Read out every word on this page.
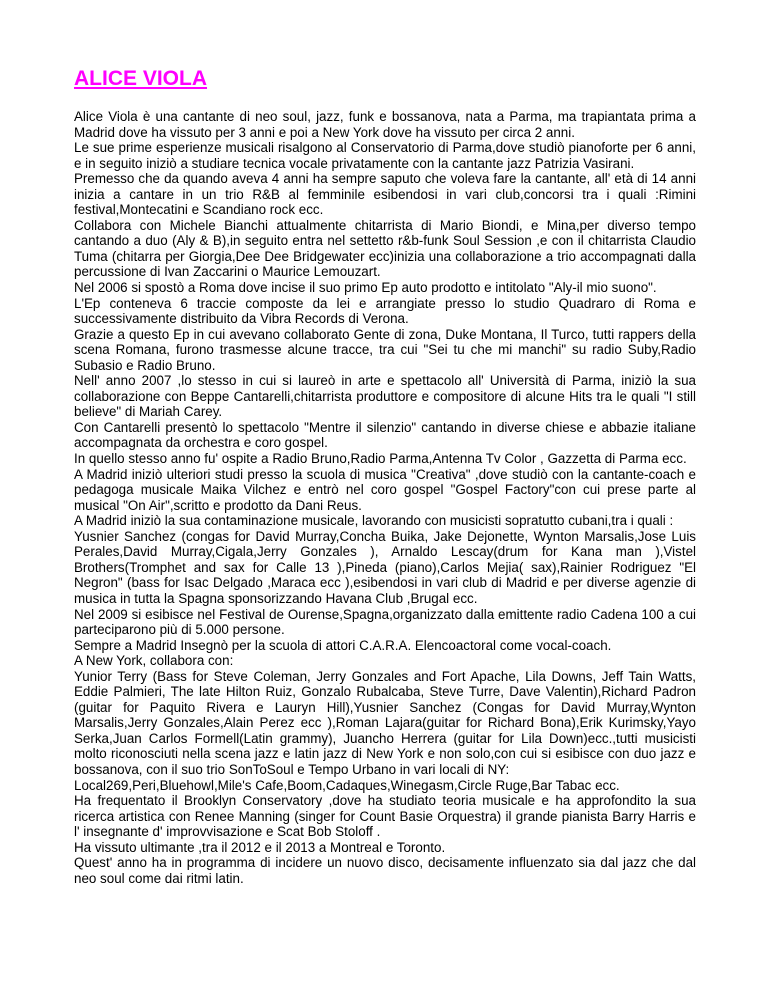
ALICE VIOLA

Alice Viola è una cantante di neo soul, jazz, funk e bossanova, nata a Parma, ma trapiantata prima a Madrid dove ha vissuto per 3 anni e poi a New York dove ha vissuto per circa 2 anni.

Le sue prime esperienze musicali risalgono al Conservatorio di Parma,dove studiò pianoforte per 6 anni, e in seguito iniziò a studiare tecnica vocale privatamente con la cantante jazz Patrizia Vasirani.

Premesso che da quando aveva 4 anni ha sempre saputo che voleva fare la cantante, all' età di 14 anni inizia a cantare in un trio R&B al femminile esibendosi in vari club,concorsi tra i quali :Rimini festival,Montecatini e Scandiano rock ecc.

Collabora con Michele Bianchi attualmente chitarrista di Mario Biondi, e Mina,per diverso tempo cantando a duo (Aly & B),in seguito entra nel settetto r&b-funk Soul Session ,e con il chitarrista Claudio Tuma (chitarra per Giorgia,Dee Dee Bridgewater ecc)inizia una collaborazione a trio accompagnati dalla percussione di Ivan Zaccarini o Maurice Lemouzart.

Nel 2006 si spostò a Roma dove incise il suo primo Ep auto prodotto e intitolato "Aly-il mio suono".

L'Ep conteneva 6 traccie composte da lei e arrangiate presso lo studio Quadraro di Roma e successivamente distribuito da Vibra Records di Verona.

Grazie a questo Ep in cui avevano collaborato Gente di zona, Duke Montana, Il Turco, tutti rappers della scena Romana, furono trasmesse alcune tracce, tra cui "Sei tu che mi manchi" su radio Suby,Radio Subasio e Radio Bruno.

Nell' anno 2007 ,lo stesso in cui si laureò in arte e spettacolo all' Università di Parma, iniziò la sua collaborazione con Beppe Cantarelli,chitarrista produttore e compositore di alcune Hits tra le quali "I still believe" di Mariah Carey.

Con Cantarelli presentò lo spettacolo "Mentre il silenzio" cantando in diverse chiese e abbazie italiane accompagnata da orchestra e coro gospel.

In quello stesso anno fu' ospite a Radio Bruno,Radio Parma,Antenna Tv Color , Gazzetta di Parma ecc.

A Madrid iniziò ulteriori studi presso la scuola di musica "Creativa" ,dove studiò con la cantante-coach e pedagoga musicale Maika Vilchez e entrò nel coro gospel "Gospel Factory"con cui prese parte al musical "On Air",scritto e prodotto da Dani Reus.

A Madrid iniziò la sua contaminazione musicale, lavorando con musicisti sopratutto cubani,tra i quali :

Yusnier Sanchez (congas for David Murray,Concha Buika, Jake Dejonette, Wynton Marsalis,Jose Luis Perales,David Murray,Cigala,Jerry Gonzales ), Arnaldo Lescay(drum for Kana man ),Vistel Brothers(Tromphet and sax for Calle 13 ),Pineda (piano),Carlos Mejia( sax),Rainier Rodriguez "El Negron" (bass for Isac Delgado ,Maraca ecc ),esibendosi in vari club di Madrid e per diverse agenzie di musica in tutta la Spagna sponsorizzando Havana Club ,Brugal ecc.

Nel 2009 si esibisce nel Festival de Ourense,Spagna,organizzato dalla emittente radio Cadena 100 a cui parteciparono più di 5.000 persone.

Sempre a Madrid Insegnò per la scuola di attori C.A.R.A. Elencoactoral come vocal-coach.

A New York, collabora con:

Yunior Terry (Bass for Steve Coleman, Jerry Gonzales and Fort Apache, Lila Downs, Jeff Tain Watts, Eddie Palmieri, The late Hilton Ruiz, Gonzalo Rubalcaba, Steve Turre, Dave Valentin),Richard Padron (guitar for Paquito Rivera e Lauryn Hill),Yusnier Sanchez (Congas for David Murray,Wynton Marsalis,Jerry Gonzales,Alain Perez ecc ),Roman Lajara(guitar for Richard Bona),Erik Kurimsky,Yayo Serka,Juan Carlos Formell(Latin grammy), Juancho Herrera (guitar for Lila Down)ecc.,tutti musicisti molto riconosciuti nella scena jazz e latin jazz di New York e non solo,con cui si esibisce con duo jazz e bossanova, con il suo trio SonToSoul e Tempo Urbano in vari locali di NY:

Local269,Peri,Bluehowl,Mile's Cafe,Boom,Cadaques,Winegasm,Circle Ruge,Bar Tabac ecc.

Ha frequentato il Brooklyn Conservatory ,dove ha studiato teoria musicale e ha approfondito la sua ricerca artistica con Renee Manning (singer for Count Basie Orquestra) il grande pianista Barry Harris e l' insegnante d' improvvisazione e Scat Bob Stoloff .

Ha vissuto ultimante ,tra il 2012 e il 2013 a Montreal e Toronto.

Quest' anno ha in programma di incidere un nuovo disco, decisamente influenzato sia dal jazz che dal neo soul come dai ritmi latin.
